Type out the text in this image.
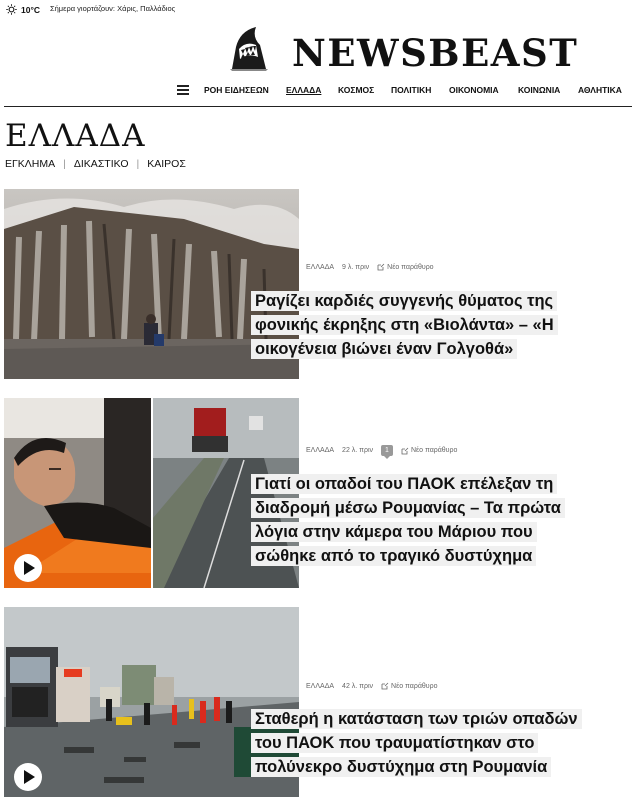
10°C Σήμερα γιορτάζουν: Χάρις, Παλλάδιος
NEWSBEAST
ΡΟΗ ΕΙΔΗΣΕΩΝ ΕΛΛΑΔΑ ΚΟΣΜΟΣ ΠΟΛΙΤΙΚΗ ΟΙΚΟΝΟΜΙΑ ΚΟΙΝΩΝΙΑ ΑΘΛΗΤΙΚΑ
ΕΛΛΑΔΑ
ΕΓΚΛΗΜΑ | ΔΙΚΑΣΤΙΚΟ | ΚΑΙΡΟΣ
ΕΛΛΑΔΑ 9 λ. πριν	Νέο παράθυρο
Ραγίζει καρδιές συγγενής θύματος της φονικής έκρηξης στη «Βιολάντα» – «Η οικογένεια βιώνει έναν Γολγοθά»
ΕΛΛΑΔΑ 22 λ. πριν	1	Νέο παράθυρο
Γιατί οι οπαδοί του ΠΑΟΚ επέλεξαν τη διαδρομή μέσω Ρουμανίας – Τα πρώτα λόγια στην κάμερα του Μάριου που σώθηκε από το τραγικό δυστύχημα
ΕΛΛΑΔΑ 42 λ. πριν	Νέο παράθυρο
Σταθερή η κατάσταση των τριών οπαδών του ΠΑΟΚ που τραυματίστηκαν στο πολύνεκρο δυστύχημα στη Ρουμανία
